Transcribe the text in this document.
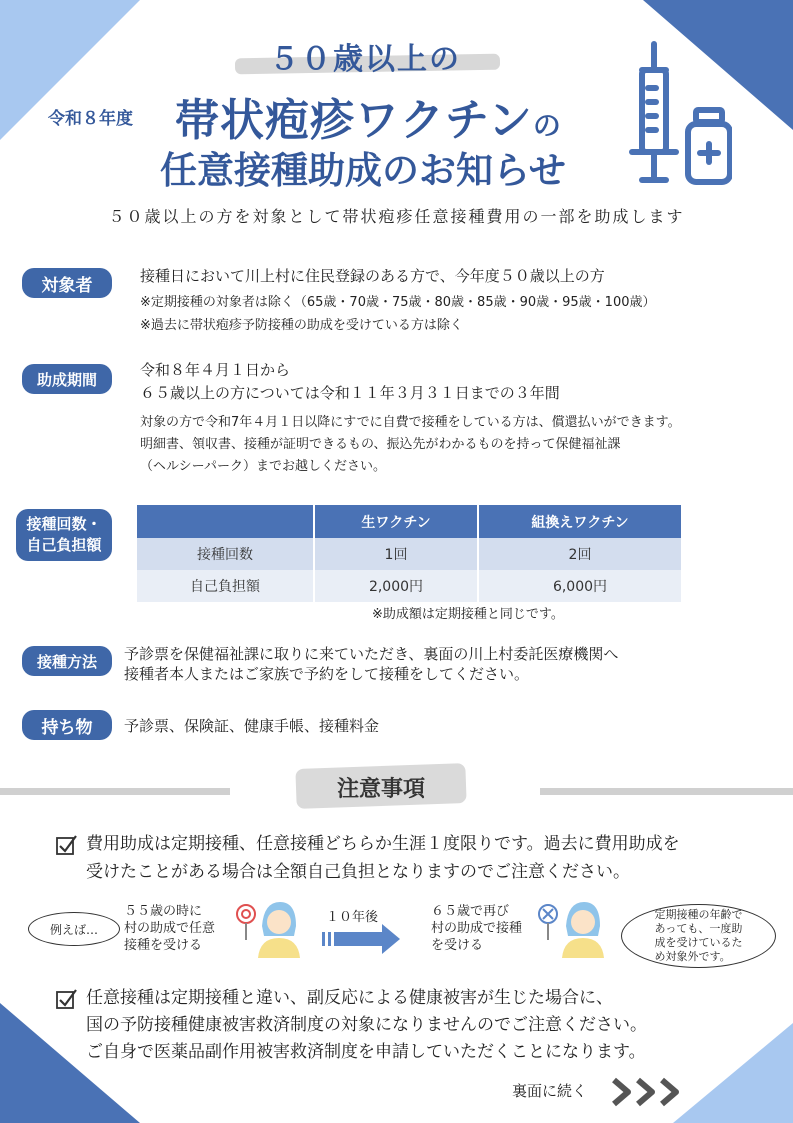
５０歳以上の
令和８年度 帯状疱疹ワクチンの
任意接種助成のお知らせ
５０歳以上の方を対象として帯状疱疹任意接種費用の一部を助成します
対象者	接種日において川上村に住民登録のある方で、今年度５０歳以上の方
※定期接種の対象者は除く（65歳・70歳・75歳・80歳・85歳・90歳・95歳・100歳）
※過去に帯状疱疹予防接種の助成を受けている方は除く
助成期間
令和８年４月１日から
６５歳以上の方については令和１１年３月３１日までの３年間
対象の方で令和7年４月１日以降にすでに自費で接種をしている方は、償還払いができます。
明細書、領収書、接種が証明できるもの、振込先がわかるものを持って保健福祉課
（ヘルシーパーク）までお越しください。
接種回数・
自己負担額
	生ワクチン	組換えワクチン
接種回数	1回	2回
自己負担額	2,000円	6,000円
※助成額は定期接種と同じです。
接種方法	予診票を保健福祉課に取りに来ていただき、裏面の川上村委託医療機関へ
接種者本人またはご家族で予約をして接種をしてください。
持ち物	予診票、保険証、健康手帳、接種料金
注意事項
費用助成は定期接種、任意接種どちらか生涯１度限りです。過去に費用助成を
受けたことがある場合は全額自己負担となりますのでご注意ください。
例えば…
５５歳の時に
村の助成で任意
接種を受ける
１０年後	６５歳で再び
村の助成で接種
を受ける
定期接種の年齢で
あっても、一度助
成を受けているた
め対象外です。
任意接種は定期接種と違い、副反応による健康被害が生じた場合に、
国の予防接種健康被害救済制度の対象になりませんのでご注意ください。
ご自身で医薬品副作用被害救済制度を申請していただくことになります。
裏面に続く
